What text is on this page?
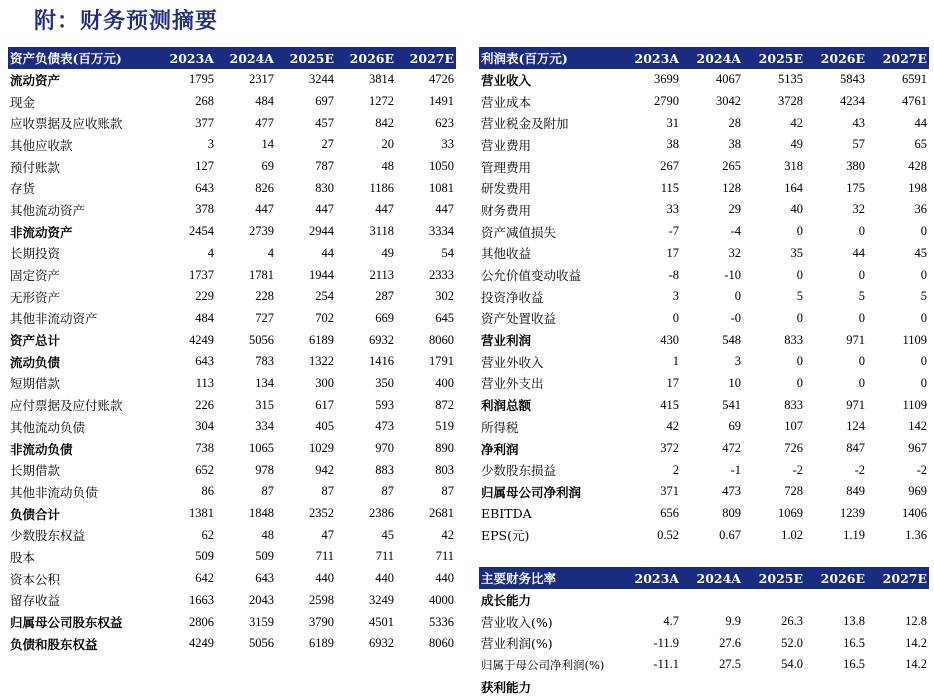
附：财务预测摘要
资产负债表(百万元)	2023A	2024A	2025E	2026E	2027E
流动资产	1795	2317	3244	3814	4726
现金	268	484	697	1272	1491
应收票据及应收账款	377	477	457	842	623
其他应收款	3	14	27	20	33
预付账款	127	69	787	48	1050
存货	643	826	830	1186	1081
其他流动资产	378	447	447	447	447
非流动资产	2454	2739	2944	3118	3334
长期投资	4	4	44	49	54
固定资产	1737	1781	1944	2113	2333
无形资产	229	228	254	287	302
其他非流动资产	484	727	702	669	645
资产总计	4249	5056	6189	6932	8060
流动负债	643	783	1322	1416	1791
短期借款	113	134	300	350	400
应付票据及应付账款	226	315	617	593	872
其他流动负债	304	334	405	473	519
非流动负债	738	1065	1029	970	890
长期借款	652	978	942	883	803
其他非流动负债	86	87	87	87	87
负债合计	1381	1848	2352	2386	2681
少数股东权益	62	48	47	45	42
股本	509	509	711	711	711
资本公积	642	643	440	440	440
留存收益	1663	2043	2598	3249	4000
归属母公司股东权益	2806	3159	3790	4501	5336
负债和股东权益	4249	5056	6189	6932	8060
利润表(百万元)	2023A	2024A	2025E	2026E	2027E
营业收入	3699	4067	5135	5843	6591
营业成本	2790	3042	3728	4234	4761
营业税金及附加	31	28	42	43	44
营业费用	38	38	49	57	65
管理费用	267	265	318	380	428
研发费用	115	128	164	175	198
财务费用	33	29	40	32	36
资产减值损失	-7	-4	0	0	0
其他收益	17	32	35	44	45
公允价值变动收益	-8	-10	0	0	0
投资净收益	3	0	5	5	5
资产处置收益	0	-0	0	0	0
营业利润	430	548	833	971	1109
营业外收入	1	3	0	0	0
营业外支出	17	10	0	0	0
利润总额	415	541	833	971	1109
所得税	42	69	107	124	142
净利润	372	472	726	847	967
少数股东损益	2	-1	-2	-2	-2
归属母公司净利润	371	473	728	849	969
EBITDA	656	809	1069	1239	1406
EPS(元)	0.52	0.67	1.02	1.19	1.36
主要财务比率	2023A	2024A	2025E	2026E	2027E
成长能力					
营业收入(%)	4.7	9.9	26.3	13.8	12.8
营业利润(%)	-11.9	27.6	52.0	16.5	14.2
归属于母公司净利润(%)	-11.1	27.5	54.0	16.5	14.2
获利能力					
